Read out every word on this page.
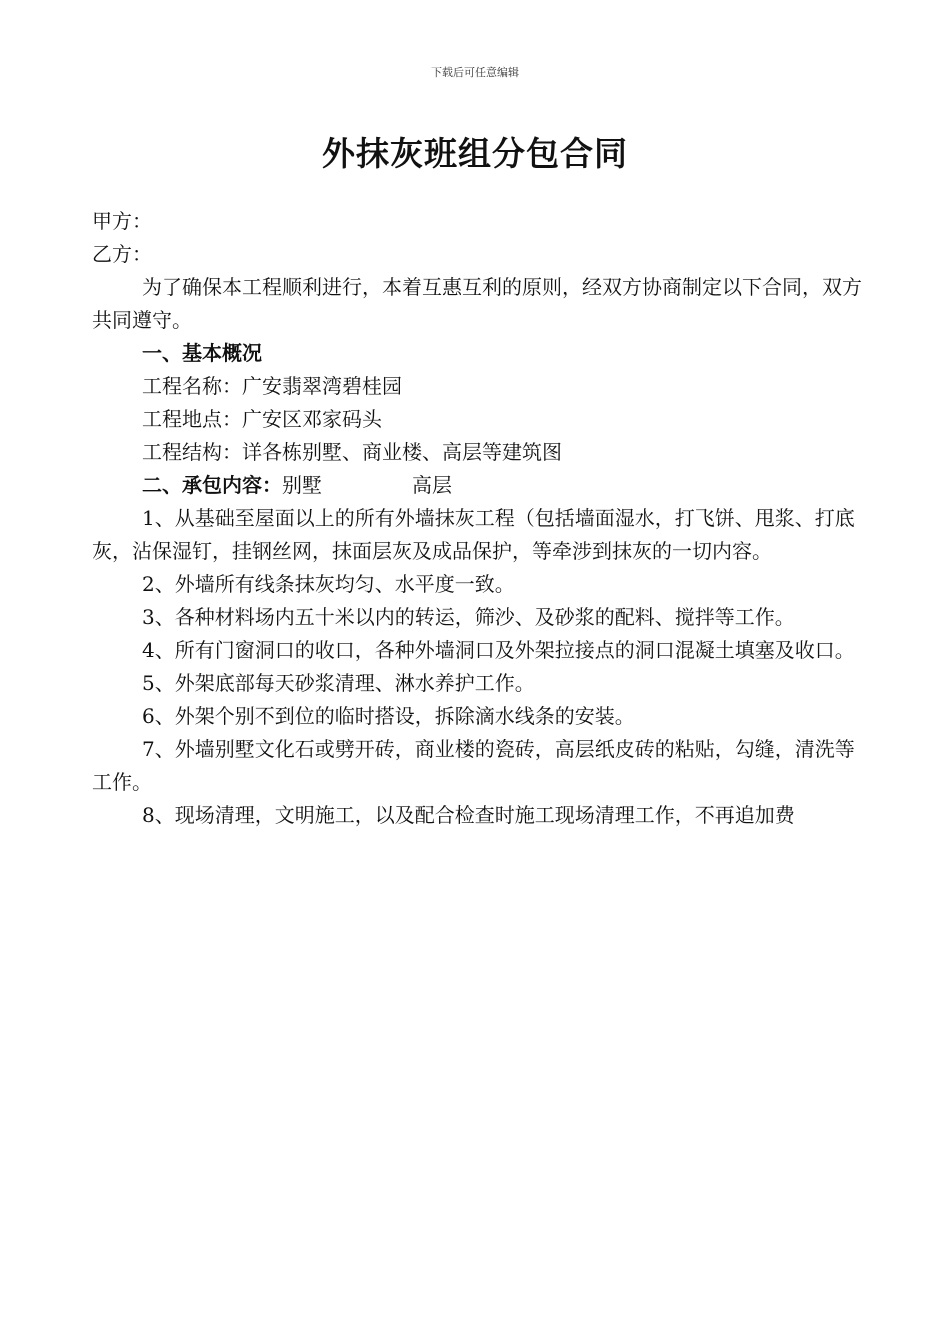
下载后可任意编辑
外抹灰班组分包合同

甲方：

乙方：

为了确保本工程顺利进行，本着互惠互利的原则，经双方协商制定以下合同，双方共同遵守。

一、基本概况

工程名称：广安翡翠湾碧桂园

工程地点：广安区邓家码头

工程结构：详各栋别墅、商业楼、高层等建筑图

二、承包内容：别墅	高层

1、从基础至屋面以上的所有外墙抹灰工程（包括墙面湿水，打飞饼、甩浆、打底灰，沾保湿钉，挂钢丝网，抹面层灰及成品保护，等牵涉到抹灰的一切内容。

2、外墙所有线条抹灰均匀、水平度一致。

3、各种材料场内五十米以内的转运，筛沙、及砂浆的配料、搅拌等工作。

4、所有门窗洞口的收口，各种外墙洞口及外架拉接点的洞口混凝土填塞及收口。

5、外架底部每天砂浆清理、淋水养护工作。

6、外架个别不到位的临时搭设，拆除滴水线条的安装。

7、外墙别墅文化石或劈开砖，商业楼的瓷砖，高层纸皮砖的粘贴，勾缝，清洗等工作。

8、现场清理，文明施工，以及配合检查时施工现场清理工作，不再追加费
